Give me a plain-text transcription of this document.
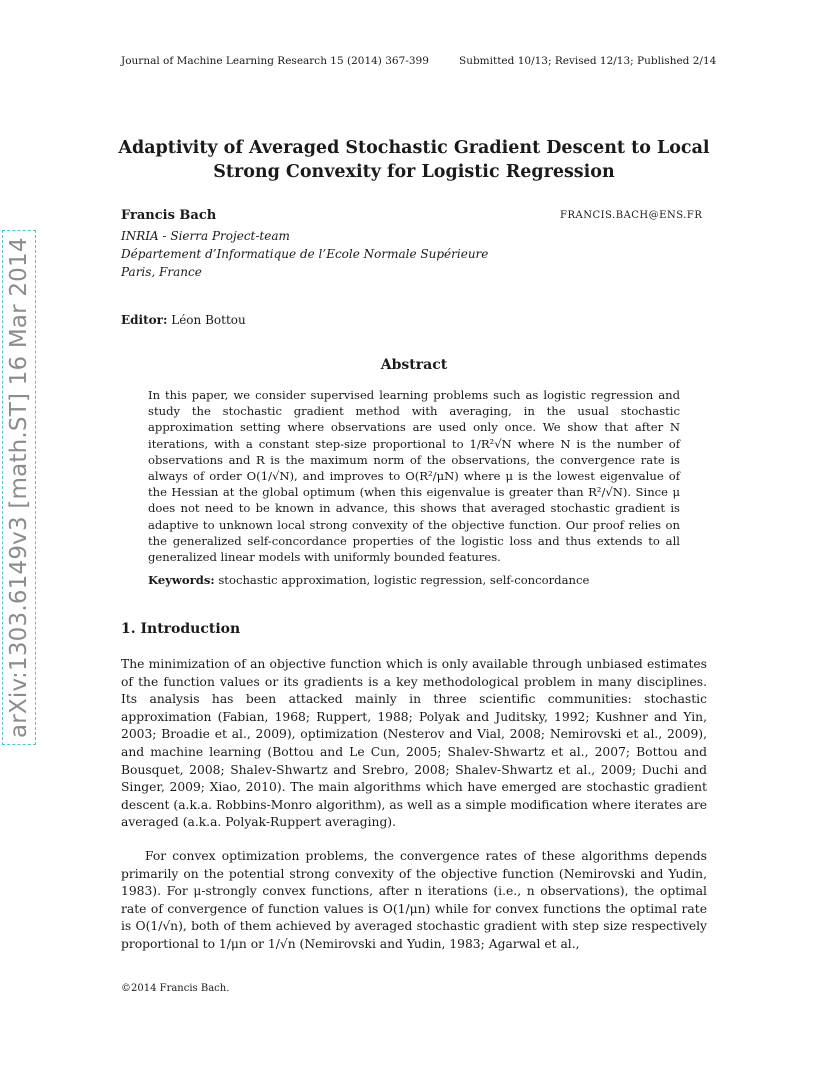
arXiv:1303.6149v3 [math.ST] 16 Mar 2014
Journal of Machine Learning Research 15 (2014) 367-399	Submitted 10/13; Revised 12/13; Published 2/14
Adaptivity of Averaged Stochastic Gradient Descent to Local Strong Convexity for Logistic Regression
Francis Bach	FRANCIS.BACH@ENS.FR
INRIA - Sierra Project-team
Département d’Informatique de l’Ecole Normale Supérieure
Paris, France
Editor: Léon Bottou
Abstract
In this paper, we consider supervised learning problems such as logistic regression and study the stochastic gradient method with averaging, in the usual stochastic approximation setting where observations are used only once. We show that after N iterations, with a constant step-size proportional to 1/R²√N where N is the number of observations and R is the maximum norm of the observations, the convergence rate is always of order O(1/√N), and improves to O(R²/μN) where μ is the lowest eigenvalue of the Hessian at the global optimum (when this eigenvalue is greater than R²/√N). Since μ does not need to be known in advance, this shows that averaged stochastic gradient is adaptive to unknown local strong convexity of the objective function. Our proof relies on the generalized self-concordance properties of the logistic loss and thus extends to all generalized linear models with uniformly bounded features.
Keywords: stochastic approximation, logistic regression, self-concordance
1. Introduction
The minimization of an objective function which is only available through unbiased estimates of the function values or its gradients is a key methodological problem in many disciplines. Its analysis has been attacked mainly in three scientific communities: stochastic approximation (Fabian, 1968; Ruppert, 1988; Polyak and Juditsky, 1992; Kushner and Yin, 2003; Broadie et al., 2009), optimization (Nesterov and Vial, 2008; Nemirovski et al., 2009), and machine learning (Bottou and Le Cun, 2005; Shalev-Shwartz et al., 2007; Bottou and Bousquet, 2008; Shalev-Shwartz and Srebro, 2008; Shalev-Shwartz et al., 2009; Duchi and Singer, 2009; Xiao, 2010). The main algorithms which have emerged are stochastic gradient descent (a.k.a. Robbins-Monro algorithm), as well as a simple modification where iterates are averaged (a.k.a. Polyak-Ruppert averaging).
For convex optimization problems, the convergence rates of these algorithms depends primarily on the potential strong convexity of the objective function (Nemirovski and Yudin, 1983). For μ-strongly convex functions, after n iterations (i.e., n observations), the optimal rate of convergence of function values is O(1/μn) while for convex functions the optimal rate is O(1/√n), both of them achieved by averaged stochastic gradient with step size respectively proportional to 1/μn or 1/√n (Nemirovski and Yudin, 1983; Agarwal et al.,
©2014 Francis Bach.
